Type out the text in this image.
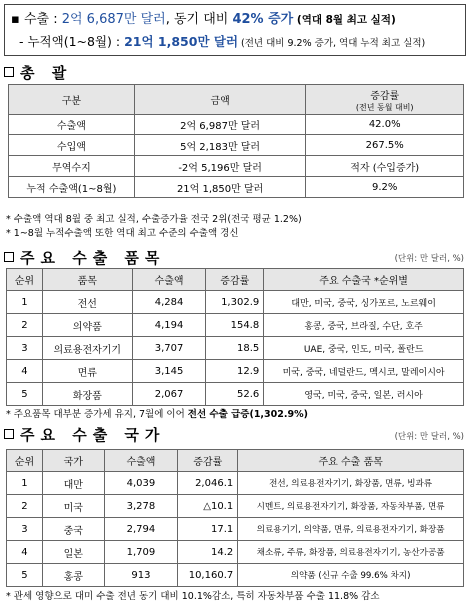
▪ 수출 : 2억 6,687만 달러, 동기 대비 42% 증가 (역대 8월 최고 실적)
- 누적액(1~8월) : 21억 1,850만 달러 (전년 대비 9.2% 증가, 역대 누적 최고 실적)
총 괄
구분	금액	증감률
(전년 동월 대비)

수출액	2억 6,987만 달러	42.0%
수입액	5억 2,183만 달러	267.5%
무역수지	-2억 5,196만 달러	적자 (수입증가)
누적 수출액(1~8월)	21억 1,850만 달러	9.2%
* 수출액 역대 8월 중 최고 실적, 수출증가율 전국 2위(전국 평균 1.2%)
* 1~8월 누적수출액 또한 역대 최고 수준의 수출액 경신
주요 수출 품목	(단위: 만 달러, %)
순위	품목	수출액	증감률	주요 수출국 *순위별
1	전선	4,284	1,302.9	대만, 미국, 중국, 싱가포르, 노르웨이
2	의약품	4,194	154.8	홍콩, 중국, 브라질, 수단, 호주
3	의료용전자기기	3,707	18.5	UAE, 중국, 인도, 미국, 폴란드
4	면류	3,145	12.9	미국, 중국, 네덜란드, 멕시코, 말레이시아
5	화장품	2,067	52.6	영국, 미국, 중국, 일본, 러시아
* 주요품목 대부분 증가세 유지, 7월에 이어 전선 수출 급증(1,302.9%)
주요 수출 국가	(단위: 만 달러, %)
순위	국가	수출액	증감률	주요 수출 품목
1	대만	4,039	2,046.1	전선, 의료용전자기기, 화장품, 면류, 빙과류
2	미국	3,278	△10.1	시멘트, 의료용전자기기, 화장품, 자동차부품, 면류
3	중국	2,794	17.1	의료용기기, 의약품, 면류, 의료용전자기기, 화장품
4	일본	1,709	14.2	채소류, 주류, 화장품, 의료용전자기기, 농산가공품
5	홍콩	913	10,160.7	의약품 (신규 수출 99.6% 차지)
* 관세 영향으로 대미 수출 전년 동기 대비 10.1%감소, 특히 자동차부품 수출 11.8% 감소
